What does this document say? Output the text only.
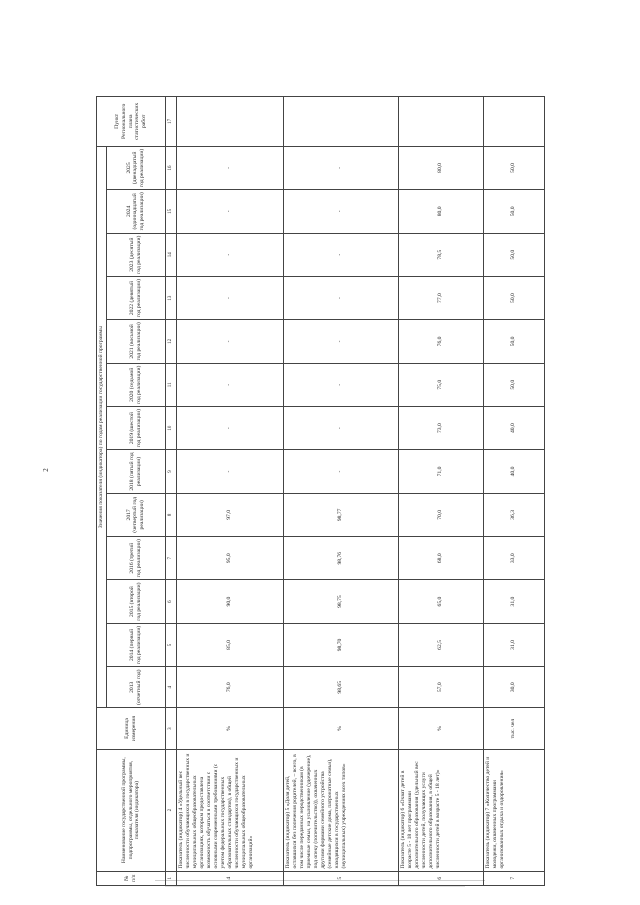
2
№ п/п	Наименование государственной программы, подпрограммы, отдельного мероприятия, показателя (индикатора)	Единица измерения	Значения показателя (индикатора) по годам реализации государственной программы													Пункт Регионального плана статистических работ
			2013 (отчетный год)	2014 (первый год реализации)	2015 (второй год реализации)	2016 (третий год реализации)	2017 (четвертый год реализации)	2018 (пятый год реализации)	2019 (шестой год реализации)	2020 (седьмой год реализации)	2021 (восьмой год реализации)	2022 (девятый год реализации)	2023 (десятый год реализации)	2024 (одиннадцатый год реализации)	2025 (двенадцатый год реализации)	
1	2	3	4	5	6	7	8	9	10	11	12	13	14	15	16	17
4	Показатель (индикатор) 4 «Удельный вес численности обучающихся в государственных и муниципальных общеобразовательных организациях, которым предоставлена возможность обучаться в соответствии с основными современными требованиями (с учетом федеральных государственных образовательных стандартов), в общей численности обучающихся государственных и муниципальных общеобразовательных организаций»	%	76,0	85,0	90,0	95,0	97,0	-	-	-	-	-	-	-	-	
5	Показатель (индикатор) 5 «Доля детей, оставшихся без попечения родителей, – всего, в том числе переданных неродственникам (в приемные семьи, на усыновление (удочерение), под опеку (попечительство)), охваченных другими формами семейного устройства (семейные детские дома, патронатные семьи), находящихся в государственных (муниципальных) учреждениях всех типов»	%	98,65	98,70	98,75	98,76	98,77	-	-	-	-	-	-	-	-	
6	Показатель (индикатор) 6 «Охват детей в возрасте 5 - 18 лет программами дополнительного образования (удельный вес численности детей, получающих услуги дополнительного образования, в общей численности детей в возрасте 5 - 18 лет)»	%	57,0	62,5	65,0	68,0	70,0	71,0	73,0	75,0	76,0	77,0	78,5	80,0	80,0	
7	Показатель (индикатор) 7 «Количество детей и молодежи, охваченных программами организованных отдыха и оздоровления»	тыс. чел	30,0	31,0	31,0	33,0	36,3	40,0	40,0	50,0	50,0	50,0	50,0	50,0	50,0	
